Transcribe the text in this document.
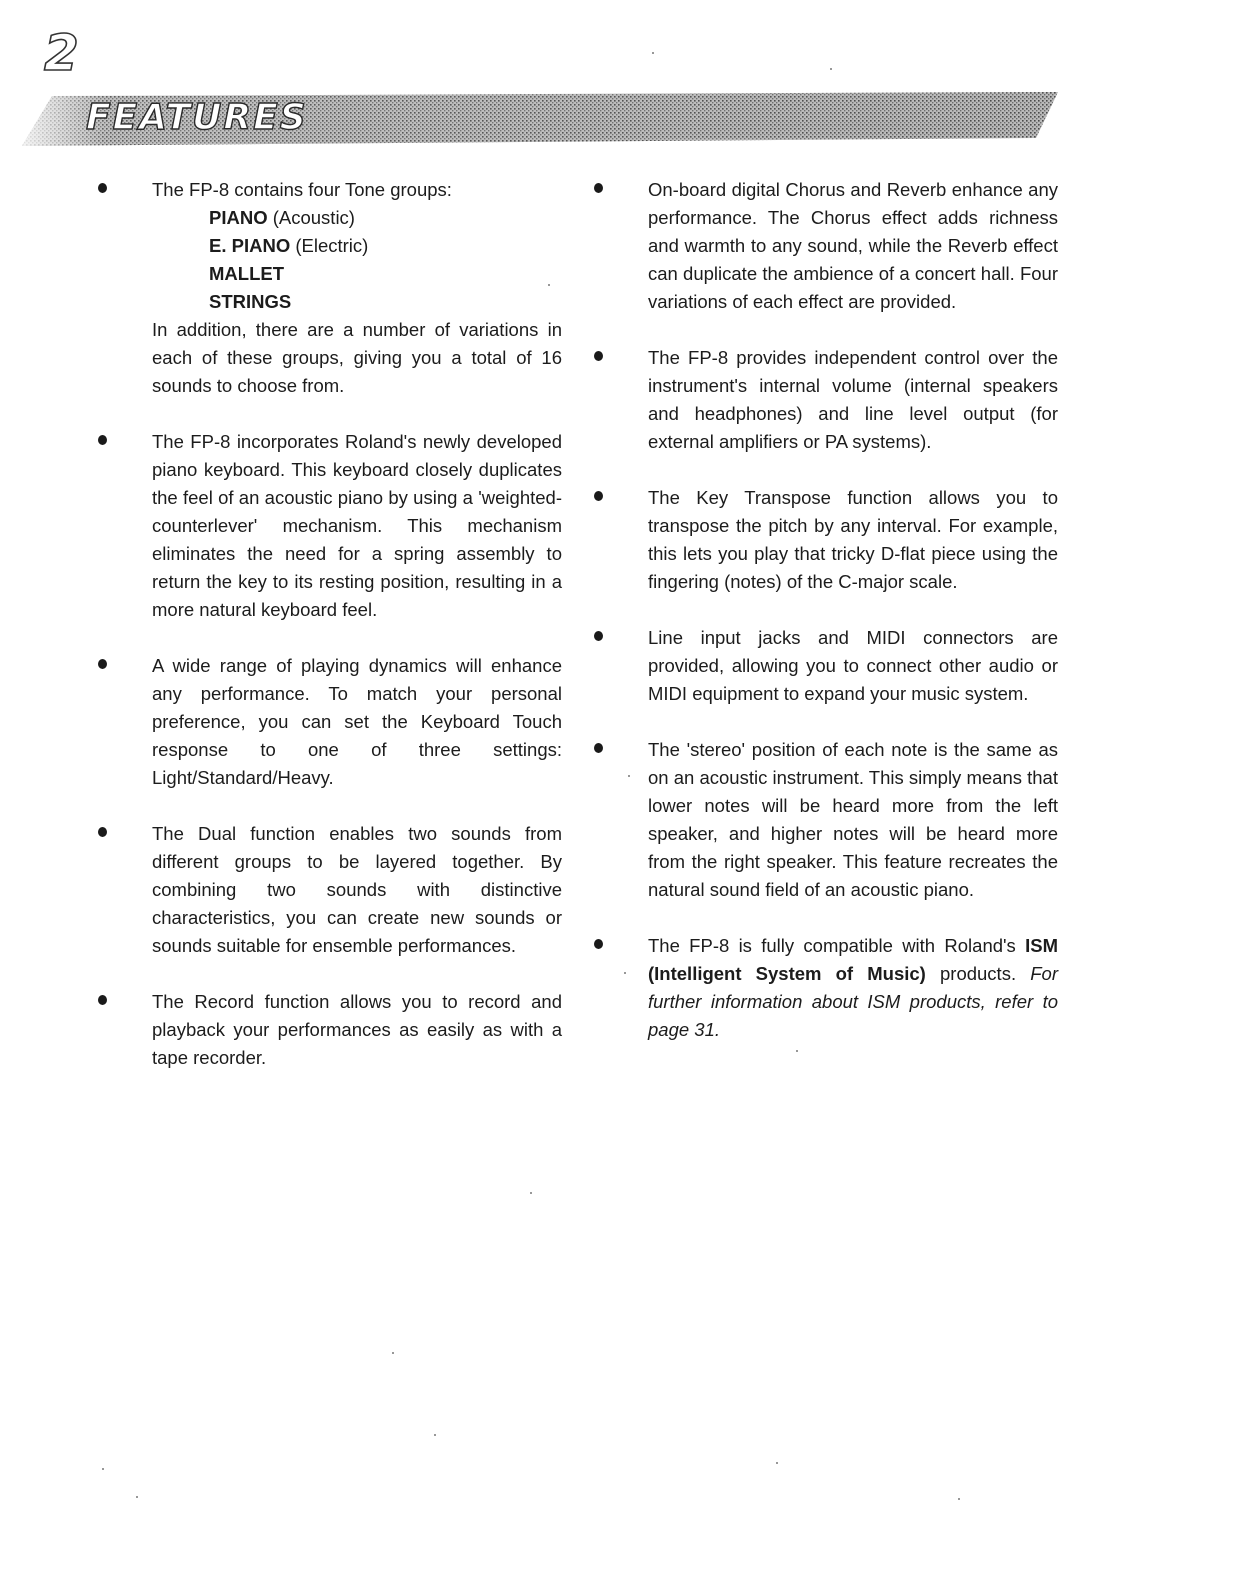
2
FEATURES

The FP-8 contains four Tone groups:

PIANO (Acoustic)
E. PIANO (Electric)
MALLET
STRINGS

In addition, there are a number of variations in each of these groups, giving you a total of 16 sounds to choose from.

The FP-8 incorporates Roland's newly developed piano keyboard. This keyboard closely duplicates the feel of an acoustic piano by using a 'weighted-counterlever' mechanism. This mechanism eliminates the need for a spring assembly to return the key to its resting position, resulting in a more natural keyboard feel.

A wide range of playing dynamics will enhance any performance. To match your personal preference, you can set the Keyboard Touch response to one of three settings: Light/Standard/Heavy.

The Dual function enables two sounds from different groups to be layered together. By combining two sounds with distinctive characteristics, you can create new sounds or sounds suitable for ensemble performances.

The Record function allows you to record and playback your performances as easily as with a tape recorder.

On-board digital Chorus and Reverb enhance any performance. The Chorus effect adds richness and warmth to any sound, while the Reverb effect can duplicate the ambience of a concert hall. Four variations of each effect are provided.

The FP-8 provides independent control over the instrument's internal volume (internal speakers and headphones) and line level output (for external amplifiers or PA systems).

The Key Transpose function allows you to transpose the pitch by any interval. For example, this lets you play that tricky D-flat piece using the fingering (notes) of the C-major scale.

Line input jacks and MIDI connectors are provided, allowing you to connect other audio or MIDI equipment to expand your music system.

The 'stereo' position of each note is the same as on an acoustic instrument. This simply means that lower notes will be heard more from the left speaker, and higher notes will be heard more from the right speaker. This feature recreates the natural sound field of an acoustic piano.

The FP-8 is fully compatible with Roland's ISM (Intelligent System of Music) products. For further information about ISM products, refer to page 31.
